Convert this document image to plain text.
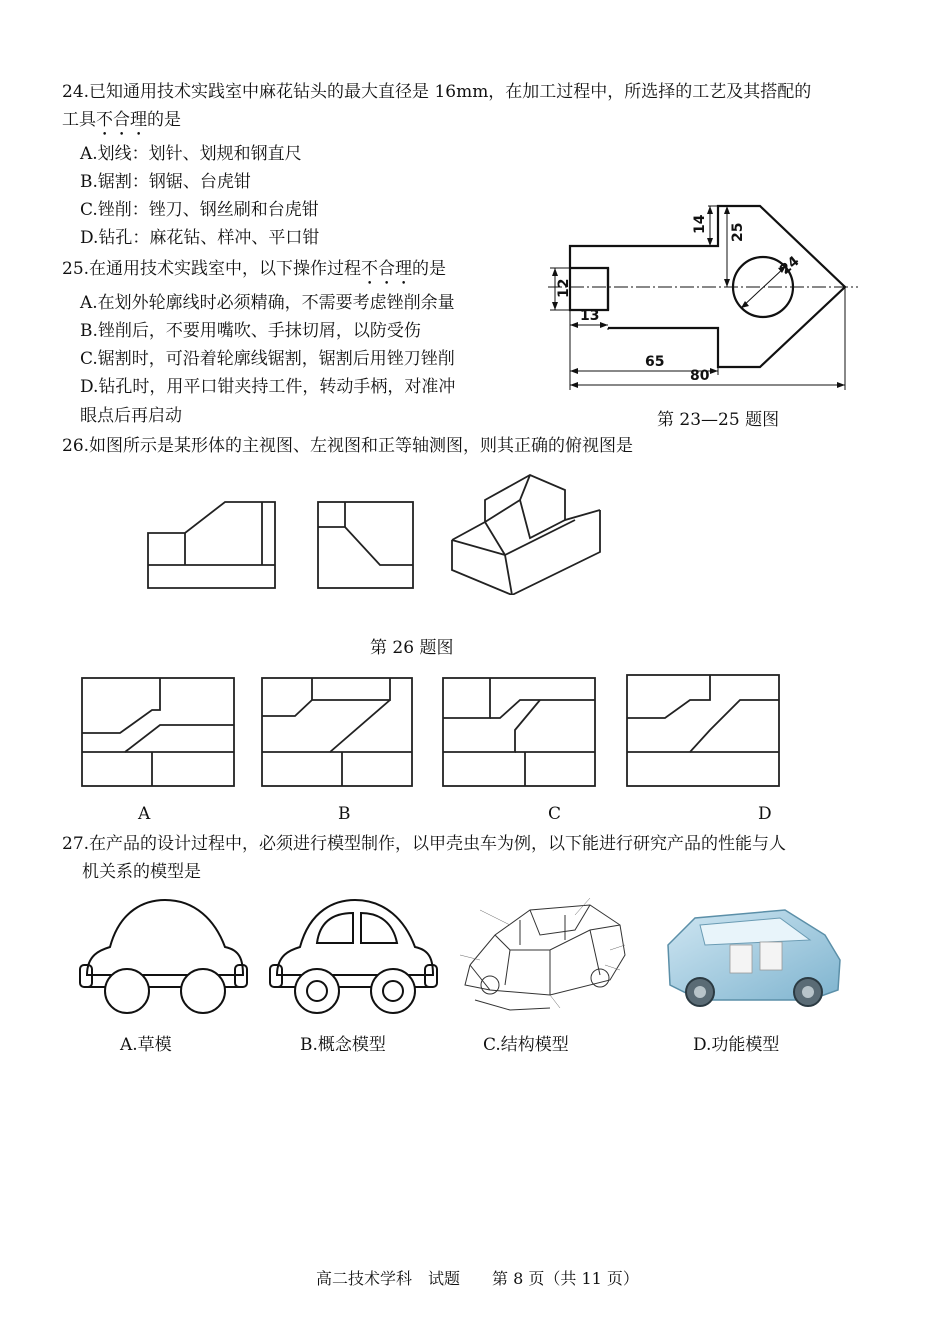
24.已知通用技术实践室中麻花钻头的最大直径是 16mm，在加工过程中，所选择的工艺及其搭配的
工具不合理的是
A.划线：划针、划规和钢直尺
B.锯割：钢锯、台虎钳
C.锉削：锉刀、钢丝刷和台虎钳
D.钻孔：麻花钻、样冲、平口钳
25.在通用技术实践室中，以下操作过程不合理的是
A.在划外轮廓线时必须精确，不需要考虑锉削余量
B.锉削后，不要用嘴吹、手抹切屑，以防受伤
C.锯割时，可沿着轮廓线锯割，锯割后用锉刀锉削
D.钻孔时，用平口钳夹持工件，转动手柄，对准冲
眼点后再启动
14 25
24
12
13
65
80
第 23—25 题图
26.如图所示是某形体的主视图、左视图和正等轴测图，则其正确的俯视图是
第 26 题图
A	B	C	D
27.在产品的设计过程中，必须进行模型制作，以甲壳虫车为例，以下能进行研究产品的性能与人
机关系的模型是
A.草模	B.概念模型	C.结构模型	D.功能模型
高二技术学科　试题　　第 8 页（共 11 页）
